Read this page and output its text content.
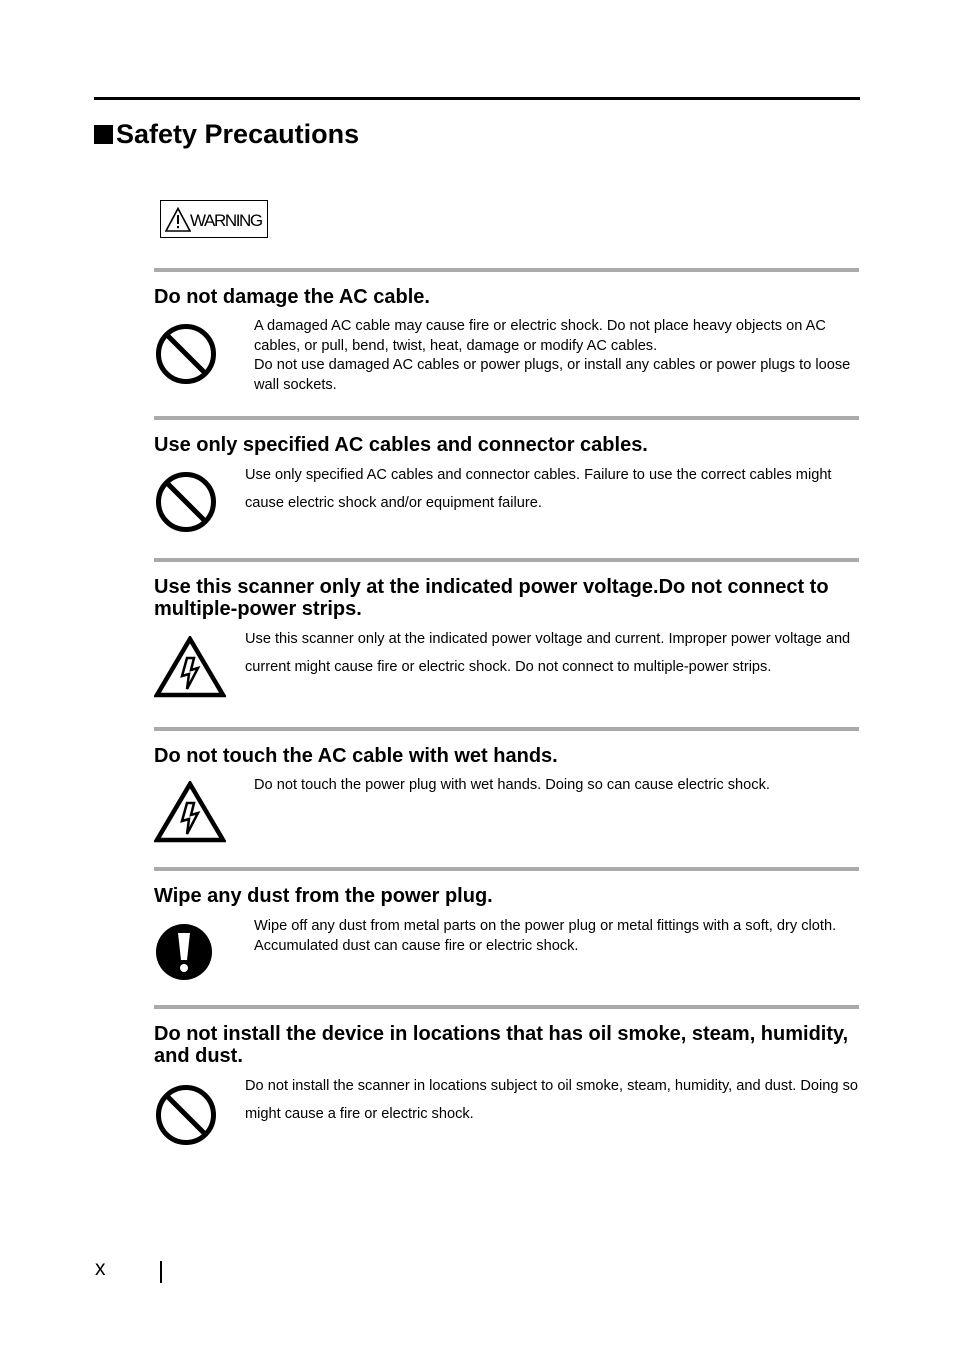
Safety Precautions
WARNING
Do not damage the AC cable.

A damaged AC cable may cause fire or electric shock. Do not place heavy objects on AC cables, or pull, bend, twist, heat, damage or modify AC cables.
Do not use damaged AC cables or power plugs, or install any cables or power plugs to loose wall sockets.

Use only specified AC cables and connector cables.

Use only specified AC cables and connector cables. Failure to use the correct cables might cause electric shock and/or equipment failure.

Use this scanner only at the indicated power voltage.Do not connect to multiple-power strips.

Use this scanner only at the indicated power voltage and current. Improper power voltage and current might cause fire or electric shock. Do not connect to multiple-power strips.

Do not touch the AC cable with wet hands.

Do not touch the power plug with wet hands. Doing so can cause electric shock.

Wipe any dust from the power plug.

Wipe off any dust from metal parts on the power plug or metal fittings with a soft, dry cloth. Accumulated dust can cause fire or electric shock.

Do not install the device in locations that has oil smoke, steam, humidity, and dust.

Do not install the scanner in locations subject to oil smoke, steam, humidity, and dust. Doing so might cause a fire or electric shock.

x
